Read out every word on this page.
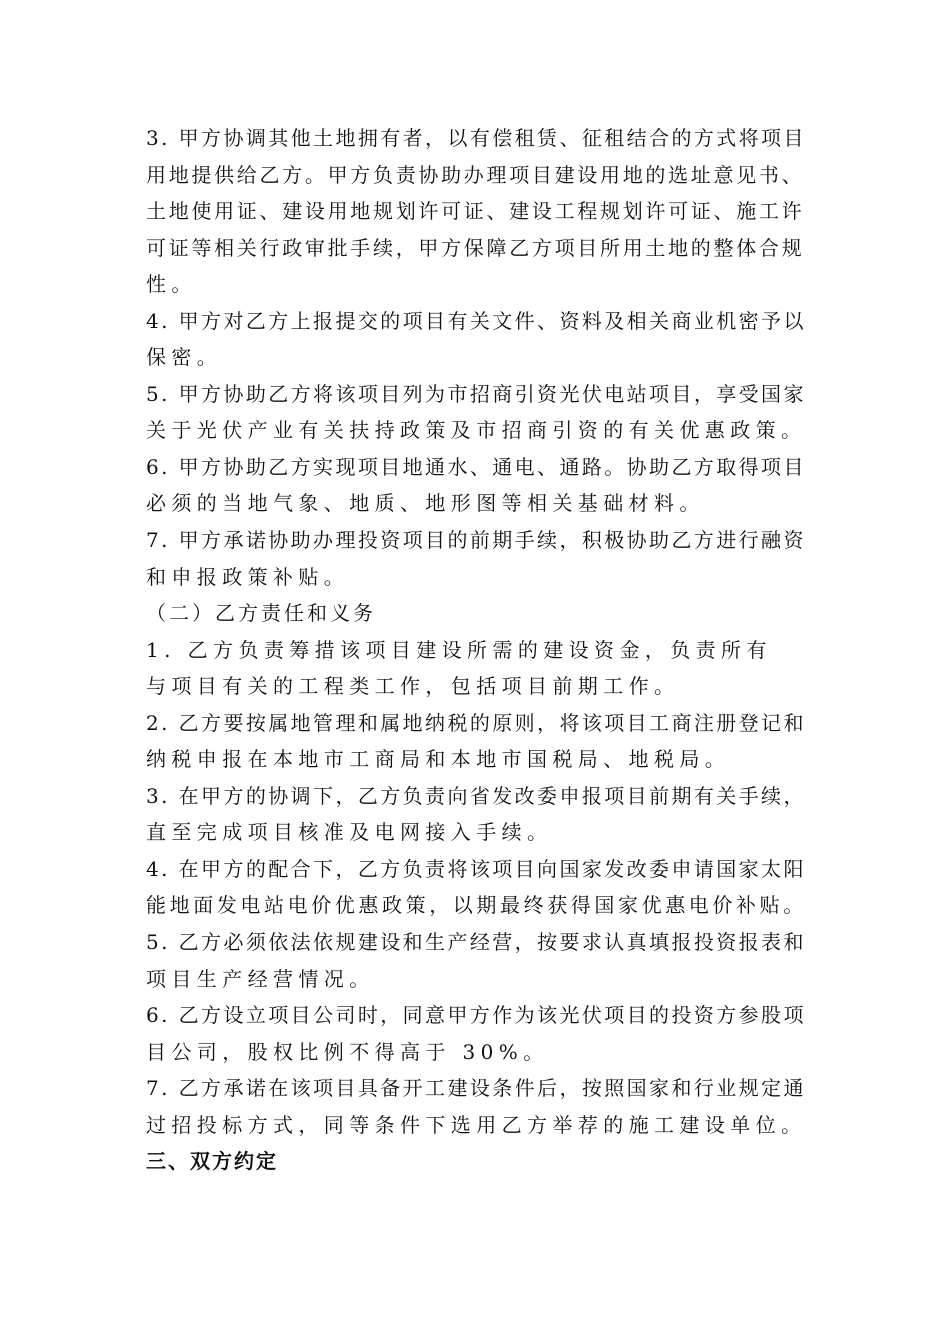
3. 甲方协调其他土地拥有者，以有偿租赁、征租结合的方式将项目
用地提供给乙方。甲方负责协助办理项目建设用地的选址意见书、
土地使用证、建设用地规划许可证、建设工程规划许可证、施工许
可证等相关行政审批手续，甲方保障乙方项目所用土地的整体合规
性。
4. 甲方对乙方上报提交的项目有关文件、资料及相关商业机密予以
保密。
5. 甲方协助乙方将该项目列为市招商引资光伏电站项目，享受国家
关于光伏产业有关扶持政策及市招商引资的有关优惠政策。
6. 甲方协助乙方实现项目地通水、通电、通路。协助乙方取得项目
必须的当地气象、地质、地形图等相关基础材料。
7. 甲方承诺协助办理投资项目的前期手续，积极协助乙方进行融资
和申报政策补贴。
（二）乙方责任和义务
1. 乙方负责筹措该项目建设所需的建设资金，负责所有
与项目有关的工程类工作，包括项目前期工作。
2. 乙方要按属地管理和属地纳税的原则，将该项目工商注册登记和
纳税申报在本地市工商局和本地市国税局、地税局。
3. 在甲方的协调下，乙方负责向省发改委申报项目前期有关手续，
直至完成项目核准及电网接入手续。
4. 在甲方的配合下，乙方负责将该项目向国家发改委申请国家太阳
能地面发电站电价优惠政策，以期最终获得国家优惠电价补贴。
5. 乙方必须依法依规建设和生产经营，按要求认真填报投资报表和
项目生产经营情况。
6. 乙方设立项目公司时，同意甲方作为该光伏项目的投资方参股项
目公司，股权比例不得高于 30%。
7. 乙方承诺在该项目具备开工建设条件后，按照国家和行业规定通
过招投标方式，同等条件下选用乙方举荐的施工建设单位。
三、双方约定
